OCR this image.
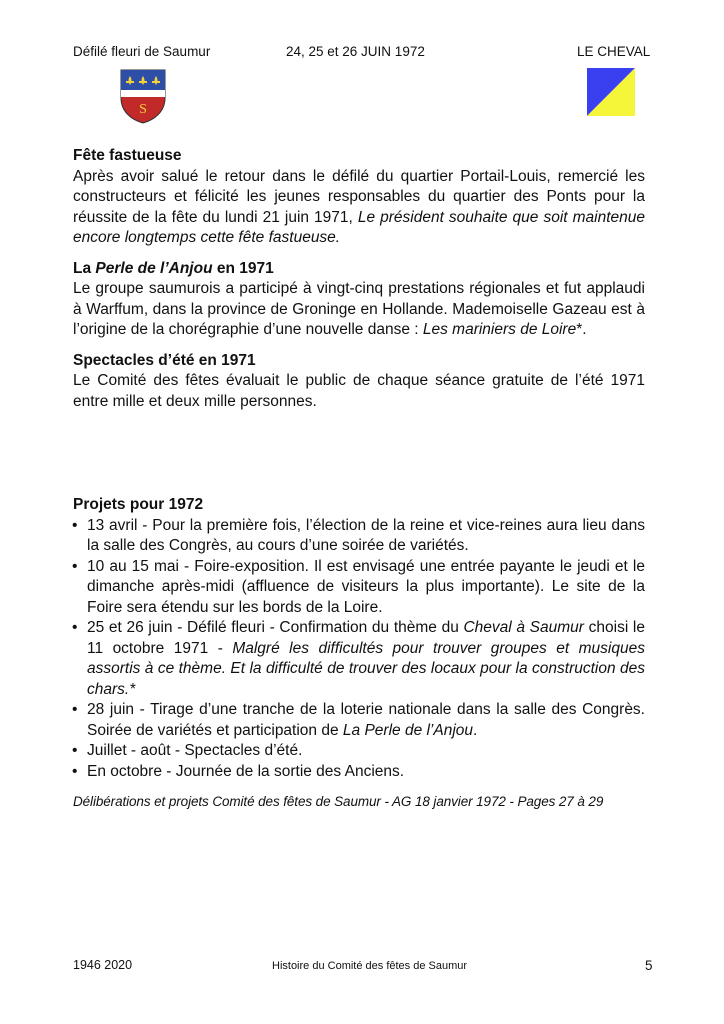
Défilé fleuri de Saumur	24, 25 et 26 JUIN 1972	LE CHEVAL
S

Fête fastueuse

Après avoir salué le retour dans le défilé du quartier Portail-Louis, remercié les constructeurs et félicité les jeunes responsables du quartier des Ponts pour la réussite de la fête du lundi 21 juin 1971, Le président souhaite que soit maintenue encore longtemps cette fête fastueuse.

La Perle de l’Anjou en 1971

Le groupe saumurois a participé à vingt-cinq prestations régionales et fut applaudi à Warffum, dans la province de Groninge en Hollande. Mademoiselle Gazeau est à l’origine de la chorégraphie d’une nouvelle danse : Les mariniers de Loire*.

Spectacles d’été en 1971

Le Comité des fêtes évaluait le public de chaque séance gratuite de l’été 1971 entre mille et deux mille personnes.

Projets pour 1972

• 13 avril - Pour la première fois, l’élection de la reine et vice-reines aura lieu dans la salle des Congrès, au cours d’une soirée de variétés.
• 10 au 15 mai - Foire-exposition. Il est envisagé une entrée payante le jeudi et le dimanche après-midi (affluence de visiteurs la plus importante). Le site de la Foire sera étendu sur les bords de la Loire.
• 25 et 26 juin - Défilé fleuri - Confirmation du thème du Cheval à Saumur choisi le 11 octobre 1971 - Malgré les difficultés pour trouver groupes et musiques assortis à ce thème. Et la difficulté de trouver des locaux pour la construction des chars.*
• 28 juin - Tirage d’une tranche de la loterie nationale dans la salle des Congrès. Soirée de variétés et participation de La Perle de l’Anjou.
• Juillet - août - Spectacles d’été.
• En octobre - Journée de la sortie des Anciens.

Délibérations et projets Comité des fêtes de Saumur - AG 18 janvier 1972 - Pages 27 à 29

1946 2020	Histoire du Comité des fêtes de Saumur	5
